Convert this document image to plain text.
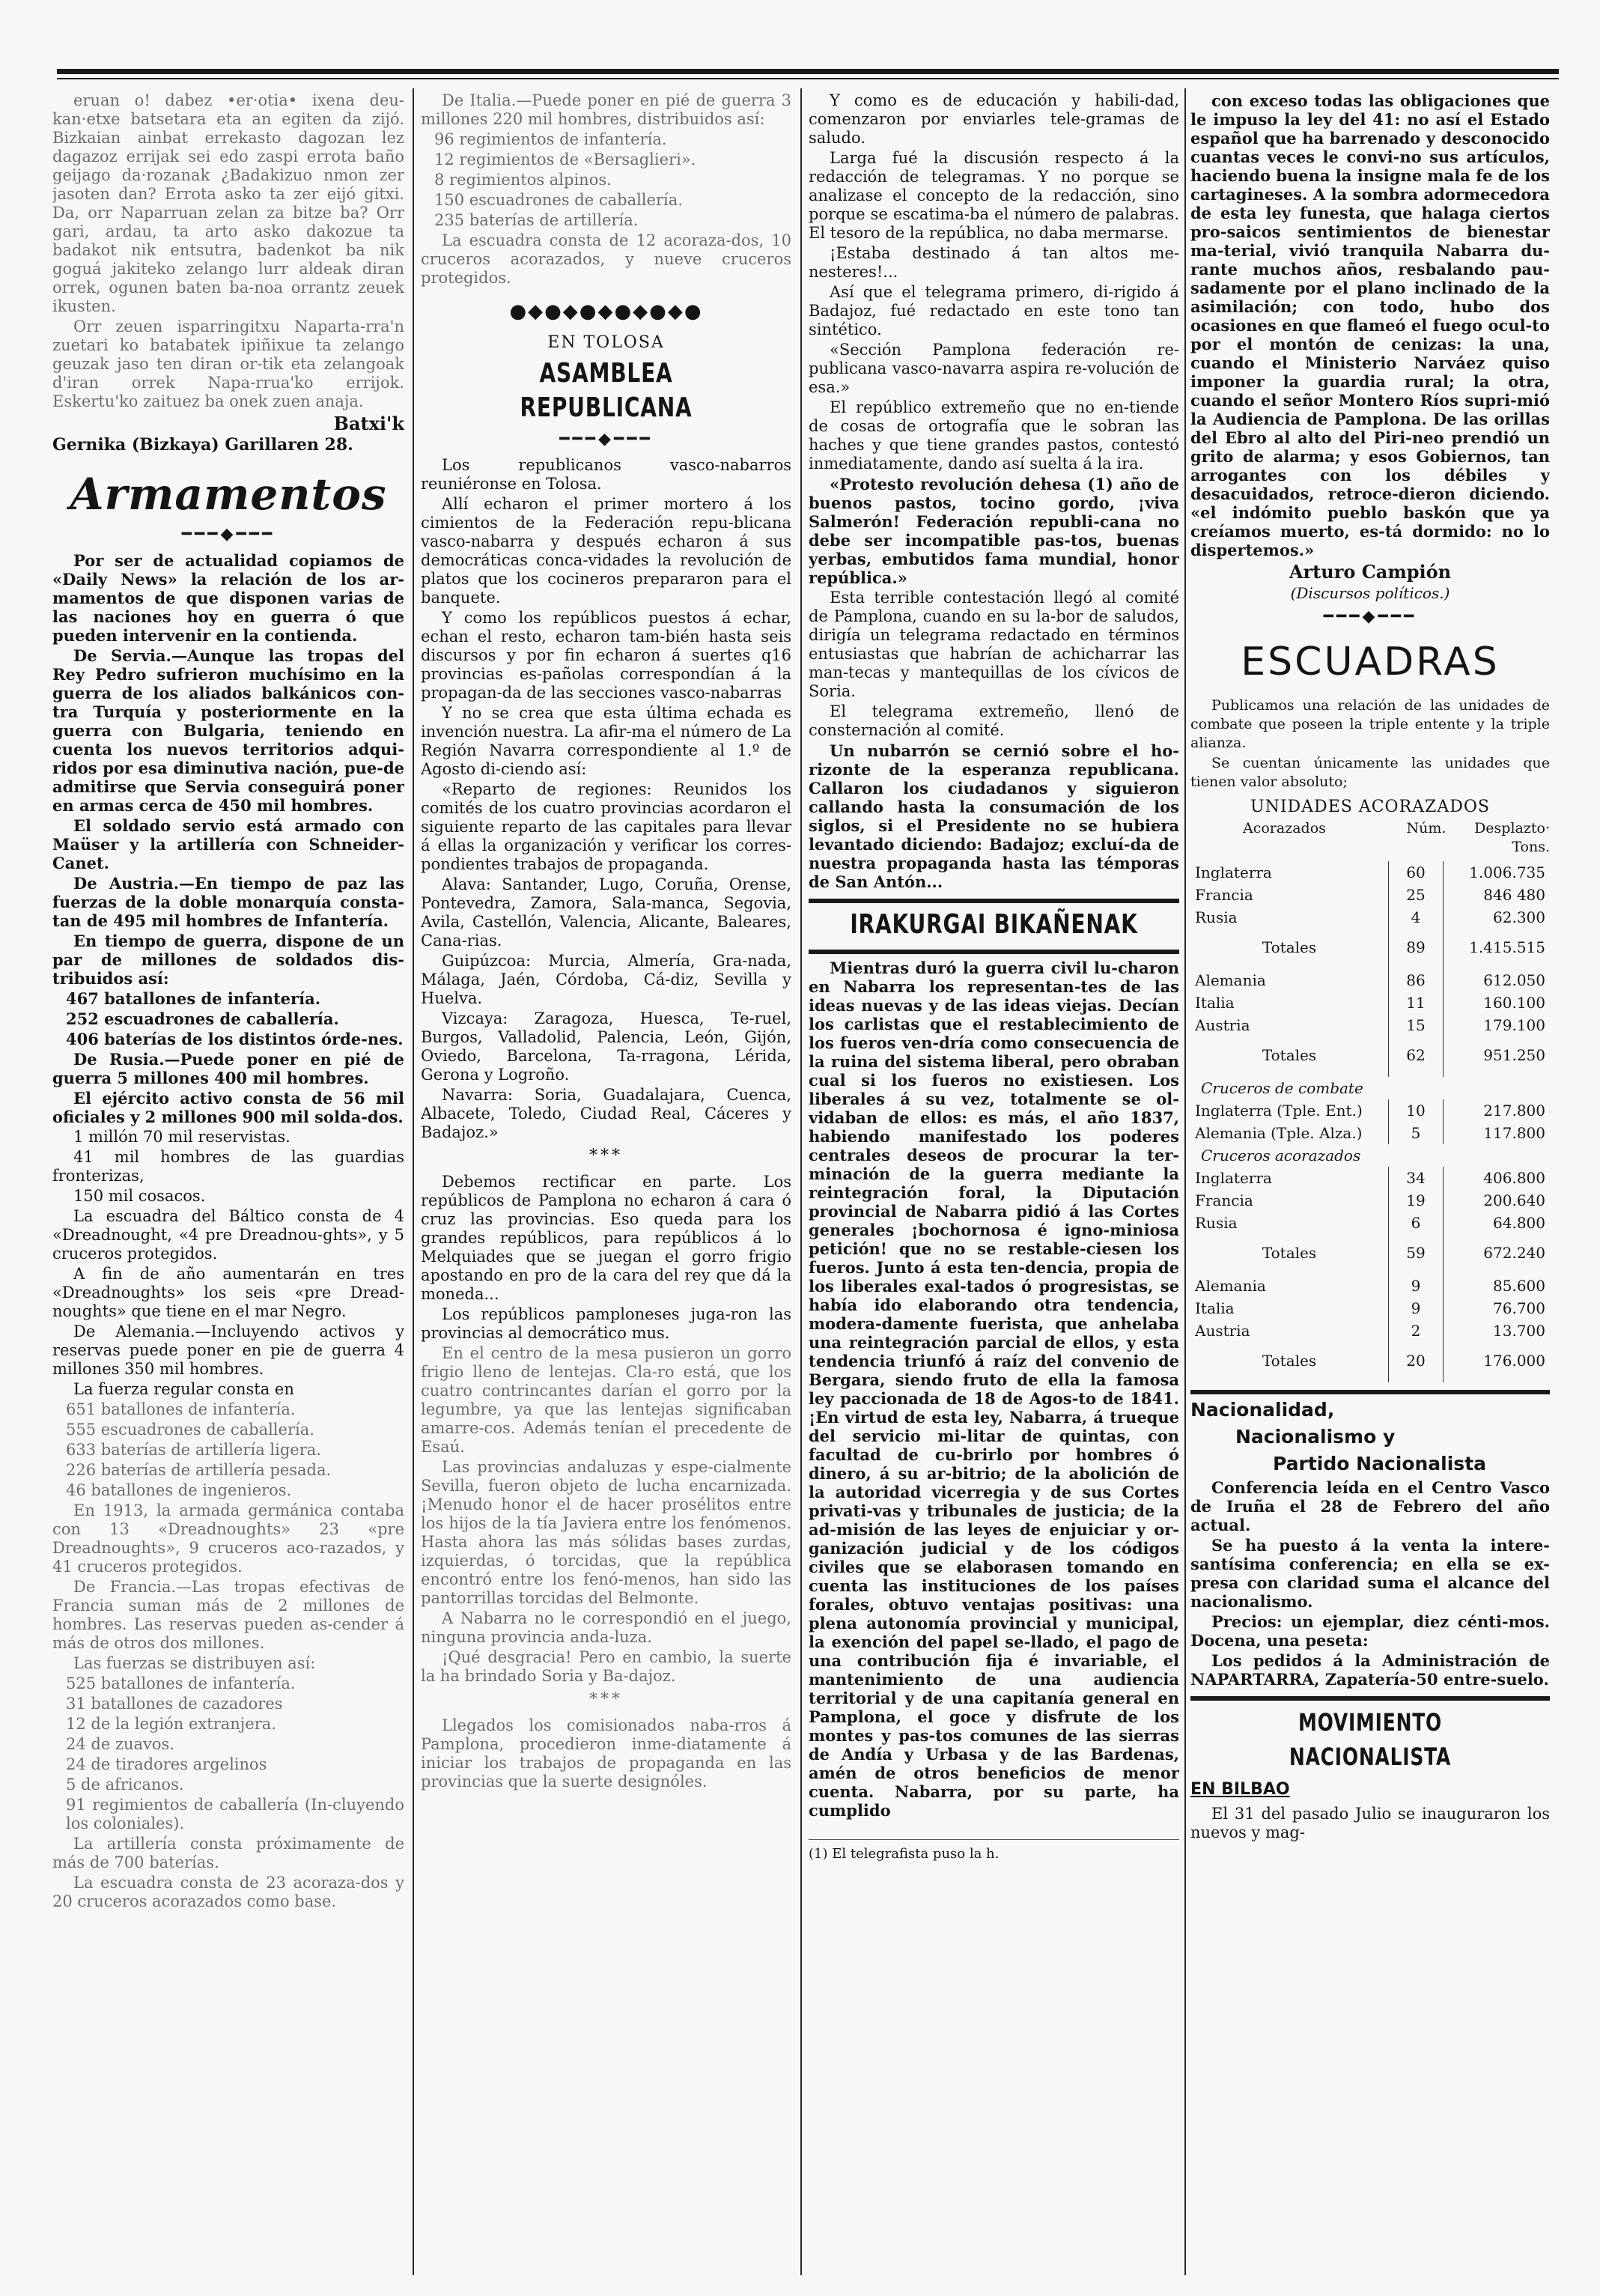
eruan o! dabez •er·otia• ixena deu-kan·etxe batsetara eta an egiten da zijó. Bizkaian ainbat errekasto dagozan lez dagazoz errijak sei edo zaspi errota baño geijago da·rozanak ¿Badakizuo nmon zer jasoten dan? Errota asko ta zer eijó gitxi. Da, orr Naparruan zelan za bitze ba? Orr gari, ardau, ta arto asko dakozue ta badakot nik entsutra, badenkot ba nik goguá jakiteko zelango lurr aldeak diran orrek, ogunen baten ba-noa orrantz zeuek ikusten.

Orr zeuen isparringitxu Naparta-rra'n zuetari ko batabatek ipiñixue ta zelango geuzak jaso ten diran or-tik eta zelangoak d'iran orrek Napa-rrua'ko errijok. Eskertu'ko zaituez ba onek zuen anaja.

Batxi'k
Gernika (Bizkaya) Garillaren 28.
Armamentos
━━━◆━━━

Por ser de actualidad copiamos de «Daily News» la relación de los ar-mamentos de que disponen varias de las naciones hoy en guerra ó que pueden intervenir en la contienda.

De Servia.—Aunque las tropas del Rey Pedro sufrieron muchísimo en la guerra de los aliados balkánicos con-tra Turquía y posteriormente en la guerra con Bulgaria, teniendo en cuenta los nuevos territorios adqui-ridos por esa diminutiva nación, pue-de admitirse que Servia conseguirá poner en armas cerca de 450 mil hombres.

El soldado servio está armado con Maüser y la artillería con Schneider-Canet.

De Austria.—En tiempo de paz las fuerzas de la doble monarquía consta-tan de 495 mil hombres de Infantería.

En tiempo de guerra, dispone de un par de millones de soldados dis-tribuidos así:

467 batallones de infantería.

252 escuadrones de caballería.

406 baterías de los distintos órde-nes.

De Rusia.—Puede poner en pié de guerra 5 millones 400 mil hombres.

El ejército activo consta de 56 mil oficiales y 2 millones 900 mil solda-dos.

1 millón 70 mil reservistas.

41 mil hombres de las guardias fronterizas,

150 mil cosacos.

La escuadra del Báltico consta de 4 «Dreadnought, «4 pre Dreadnou-ghts», y 5 cruceros protegidos.

A fin de año aumentarán en tres «Dreadnoughts» los seis «pre Dread-noughts» que tiene en el mar Negro.

De Alemania.—Incluyendo activos y reservas puede poner en pie de guerra 4 millones 350 mil hombres.

La fuerza regular consta en

651 batallones de infantería.

555 escuadrones de caballería.

633 baterías de artillería ligera.

226 baterías de artillería pesada.

46 batallones de ingenieros.

En 1913, la armada germánica contaba con 13 «Dreadnoughts» 23 «pre Dreadnoughts», 9 cruceros aco-razados, y 41 cruceros protegidos.

De Francia.—Las tropas efectivas de Francia suman más de 2 millones de hombres. Las reservas pueden as-cender á más de otros dos millones.

Las fuerzas se distribuyen así:

525 batallones de infantería.

31 batallones de cazadores

12 de la legión extranjera.

24 de zuavos.

24 de tiradores argelinos

5 de africanos.

91 regimientos de caballería (In-cluyendo los coloniales).

La artillería consta próximamente de más de 700 baterías.

La escuadra consta de 23 acoraza-dos y 20 cruceros acorazados como base.

De Italia.—Puede poner en pié de guerra 3 millones 220 mil hombres, distribuidos así:

96 regimientos de infantería.

12 regimientos de «Bersaglieri».

8 regimientos alpinos.

150 escuadrones de caballería.

235 baterías de artillería.

La escuadra consta de 12 acoraza-dos, 10 cruceros acorazados, y nueve cruceros protegidos.

●◆●◆●◆●◆●◆●
EN TOLOSA
ASAMBLEA REPUBLICANA
━━━◆━━━

Los republicanos vasco-nabarros reuniéronse en Tolosa.

Allí echaron el primer mortero á los cimientos de la Federación repu-blicana vasco-nabarra y después echaron á sus democráticas conca-vidades la revolución de platos que los cocineros prepararon para el banquete.

Y como los repúblicos puestos á echar, echan el resto, echaron tam-bién hasta seis discursos y por fin echaron á suertes q16 provincias es-pañolas correspondían á la propagan-da de las secciones vasco-nabarras

Y no se crea que esta última echada es invención nuestra. La afir-ma el número de La Región Navarra correspondiente al 1.º de Agosto di-ciendo así:

«Reparto de regiones: Reunidos los comités de los cuatro provincias acordaron el siguiente reparto de las capitales para llevar á ellas la organización y verificar los corres-pondientes trabajos de propaganda.

Alava: Santander, Lugo, Coruña, Orense, Pontevedra, Zamora, Sala-manca, Segovia, Avila, Castellón, Valencia, Alicante, Baleares, Cana-rias.

Guipúzcoa: Murcia, Almería, Gra-nada, Málaga, Jaén, Córdoba, Cá-diz, Sevilla y Huelva.

Vizcaya: Zaragoza, Huesca, Te-ruel, Burgos, Valladolid, Palencia, León, Gijón, Oviedo, Barcelona, Ta-rragona, Lérida, Gerona y Logroño.

Navarra: Soria, Guadalajara, Cuenca, Albacete, Toledo, Ciudad Real, Cáceres y Badajoz.»

***

Debemos rectificar en parte. Los repúblicos de Pamplona no echaron á cara ó cruz las provincias. Eso queda para los grandes repúblicos, para repúblicos á lo Melquiades que se juegan el gorro frigio apostando en pro de la cara del rey que dá la moneda...

Los repúblicos pamploneses juga-ron las provincias al democrático mus.

En el centro de la mesa pusieron un gorro frigio lleno de lentejas. Cla-ro está, que los cuatro contrincantes darían el gorro por la legumbre, ya que las lentejas significaban amarre-cos. Además tenían el precedente de Esaú.

Las provincias andaluzas y espe-cialmente Sevilla, fueron objeto de lucha encarnizada. ¡Menudo honor el de hacer prosélitos entre los hijos de la tía Javiera entre los fenómenos. Hasta ahora las más sólidas bases zurdas, izquierdas, ó torcidas, que la república encontró entre los fenó-menos, han sido las pantorrillas torcidas del Belmonte.

A Nabarra no le correspondió en el juego, ninguna provincia anda-luza.

¡Qué desgracia! Pero en cambio, la suerte la ha brindado Soria y Ba-dajoz.

***

Llegados los comisionados naba-rros á Pamplona, procedieron inme-diatamente á iniciar los trabajos de propaganda en las provincias que la suerte designóles.

Y como es de educación y habili-dad, comenzaron por enviarles tele-gramas de saludo.

Larga fué la discusión respecto á la redacción de telegramas. Y no porque se analizase el concepto de la redacción, sino porque se escatima-ba el número de palabras. El tesoro de la república, no daba mermarse.

¡Estaba destinado á tan altos me-nesteres!...

Así que el telegrama primero, di-rigido á Badajoz, fué redactado en este tono tan sintético.

«Sección Pamplona federación re-publicana vasco-navarra aspira re-volución de esa.»

El repúblico extremeño que no en-tiende de cosas de ortografía que le sobran las haches y que tiene grandes pastos, contestó inmediatamente, dando así suelta á la ira.

«Protesto revolución dehesa (1) año de buenos pastos, tocino gordo, ¡viva Salmerón! Federación republi-cana no debe ser incompatible pas-tos, buenas yerbas, embutidos fama mundial, honor república.»

Esta terrible contestación llegó al comité de Pamplona, cuando en su la-bor de saludos, dirigía un telegrama redactado en términos entusiastas que habrían de achicharrar las man-tecas y mantequillas de los cívicos de Soria.

El telegrama extremeño, llenó de consternación al comité.

Un nubarrón se cernió sobre el ho-rizonte de la esperanza republicana. Callaron los ciudadanos y siguieron callando hasta la consumación de los siglos, si el Presidente no se hubiera levantado diciendo: Badajoz; excluí-da de nuestra propaganda hasta las témporas de San Antón...

IRAKURGAI BIKAÑENAK

Mientras duró la guerra civil lu-charon en Nabarra los representan-tes de las ideas nuevas y de las ideas viejas. Decían los carlistas que el restablecimiento de los fueros ven-dría como consecuencia de la ruina del sistema liberal, pero obraban cual si los fueros no existiesen. Los liberales á su vez, totalmente se ol-vidaban de ellos: es más, el año 1837, habiendo manifestado los poderes centrales deseos de procurar la ter-minación de la guerra mediante la reintegración foral, la Diputación provincial de Nabarra pidió á las Cortes generales ¡bochornosa é igno-miniosa petición! que no se restable-ciesen los fueros. Junto á esta ten-dencia, propia de los liberales exal-tados ó progresistas, se había ido elaborando otra tendencia, modera-damente fuerista, que anhelaba una reintegración parcial de ellos, y esta tendencia triunfó á raíz del convenio de Bergara, siendo fruto de ella la famosa ley paccionada de 18 de Agos-to de 1841. ¡En virtud de esta ley, Nabarra, á trueque del servicio mi-litar de quintas, con facultad de cu-brirlo por hombres ó dinero, á su ar-bitrio; de la abolición de la autoridad vicerregia y de sus Cortes privati-vas y tribunales de justicia; de la ad-misión de las leyes de enjuiciar y or-ganización judicial y de los códigos civiles que se elaborasen tomando en cuenta las instituciones de los países forales, obtuvo ventajas positivas: una plena autonomía provincial y municipal, la exención del papel se-llado, el pago de una contribución fija é invariable, el mantenimiento de una audiencia territorial y de una capitanía general en Pamplona, el goce y disfrute de los montes y pas-tos comunes de las sierras de Andía y Urbasa y de las Bardenas, amén de otros beneficios de menor cuenta. Nabarra, por su parte, ha cumplido

(1) El telegrafista puso la h.

con exceso todas las obligaciones que le impuso la ley del 41: no así el Estado español que ha barrenado y desconocido cuantas veces le convi-no sus artículos, haciendo buena la insigne mala fe de los cartagineses. A la sombra adormecedora de esta ley funesta, que halaga ciertos pro-saicos sentimientos de bienestar ma-terial, vivió tranquila Nabarra du-rante muchos años, resbalando pau-sadamente por el plano inclinado de la asimilación; con todo, hubo dos ocasiones en que flameó el fuego ocul-to por el montón de cenizas: la una, cuando el Ministerio Narváez quiso imponer la guardia rural; la otra, cuando el señor Montero Ríos supri-mió la Audiencia de Pamplona. De las orillas del Ebro al alto del Piri-neo prendió un grito de alarma; y esos Gobiernos, tan arrogantes con los débiles y desacuidados, retroce-dieron diciendo. «el indómito pueblo baskón que ya creíamos muerto, es-tá dormido: no lo dispertemos.»

Arturo Campión
(Discursos políticos.)
━━━◆━━━
ESCUADRAS

Publicamos una relación de las unidades de combate que poseen la triple entente y la triple alianza.

Se cuentan únicamente las unidades que tienen valor absoluto;

UNIDADES ACORAZADOS
Acorazados	Núm.	Desplazto· Tons.
Inglaterra	60	1.006.735
Francia	25	846 480
Rusia	4	62.300
Totales	89	1.415.515
Alemania	86	612.050
Italia	11	160.100
Austria	15	179.100
Totales	62	951.250
Cruceros de combate		
Inglaterra (Tple. Ent.)	10	217.800
Alemania (Tple. Alza.)	5	117.800
Cruceros acorazados		
Inglaterra	34	406.800
Francia	19	200.640
Rusia	6	64.800
Totales	59	672.240
Alemania	9	85.600
Italia	9	76.700
Austria	2	13.700
Totales	20	176.000
Nacionalidad,
Nacionalismo y
Partido Nacionalista

Conferencia leída en el Centro Vasco de Iruña el 28 de Febrero del año actual.

Se ha puesto á la venta la intere-santísima conferencia; en ella se ex-presa con claridad suma el alcance del nacionalismo.

Precios: un ejemplar, diez cénti-mos. Docena, una peseta:

Los pedidos á la Administración de NAPARTARRA, Zapatería-50 entre-suelo.

MOVIMIENTO NACIONALISTA
EN BILBAO

El 31 del pasado Julio se inauguraron los nuevos y mag-
